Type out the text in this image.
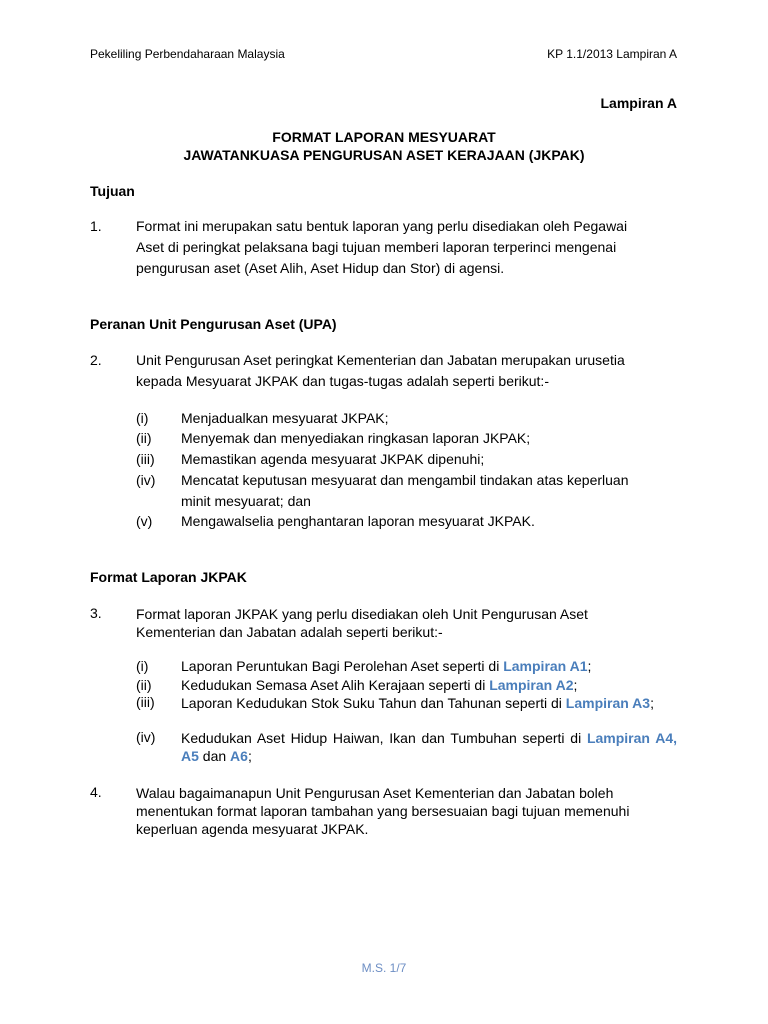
Pekeliling Perbendaharaan Malaysia	KP 1.1/2013 Lampiran A
Lampiran A
FORMAT LAPORAN MESYUARAT
JAWATANKUASA PENGURUSAN ASET KERAJAAN (JKPAK)
Tujuan
1. Format ini merupakan satu bentuk laporan yang perlu disediakan oleh Pegawai
Aset di peringkat pelaksana bagi tujuan memberi laporan terperinci mengenai
pengurusan aset (Aset Alih, Aset Hidup dan Stor) di agensi.
Peranan Unit Pengurusan Aset (UPA)
2. Unit Pengurusan Aset peringkat Kementerian dan Jabatan merupakan urusetia
kepada Mesyuarat JKPAK dan tugas-tugas adalah seperti berikut:-
(i) Menjadualkan mesyuarat JKPAK;
(ii) Menyemak dan menyediakan ringkasan laporan JKPAK;
(iii) Memastikan agenda mesyuarat JKPAK dipenuhi;
(iv) Mencatat keputusan mesyuarat dan mengambil tindakan atas keperluan
minit mesyuarat; dan
(v) Mengawalselia penghantaran laporan mesyuarat JKPAK.
Format Laporan JKPAK
3. Format laporan JKPAK yang perlu disediakan oleh Unit Pengurusan Aset
Kementerian dan Jabatan adalah seperti berikut:-
(i) Laporan Peruntukan Bagi Perolehan Aset seperti di Lampiran A1;
(ii) Kedudukan Semasa Aset Alih Kerajaan seperti di Lampiran A2;
(iii) Laporan Kedudukan Stok Suku Tahun dan Tahunan seperti di Lampiran A3;
(iv) Kedudukan Aset Hidup Haiwan, Ikan dan Tumbuhan seperti di Lampiran A4, A5 dan A6;
4. Walau bagaimanapun Unit Pengurusan Aset Kementerian dan Jabatan boleh
menentukan format laporan tambahan yang bersesuaian bagi tujuan memenuhi
keperluan agenda mesyuarat JKPAK.
M.S. 1/7
